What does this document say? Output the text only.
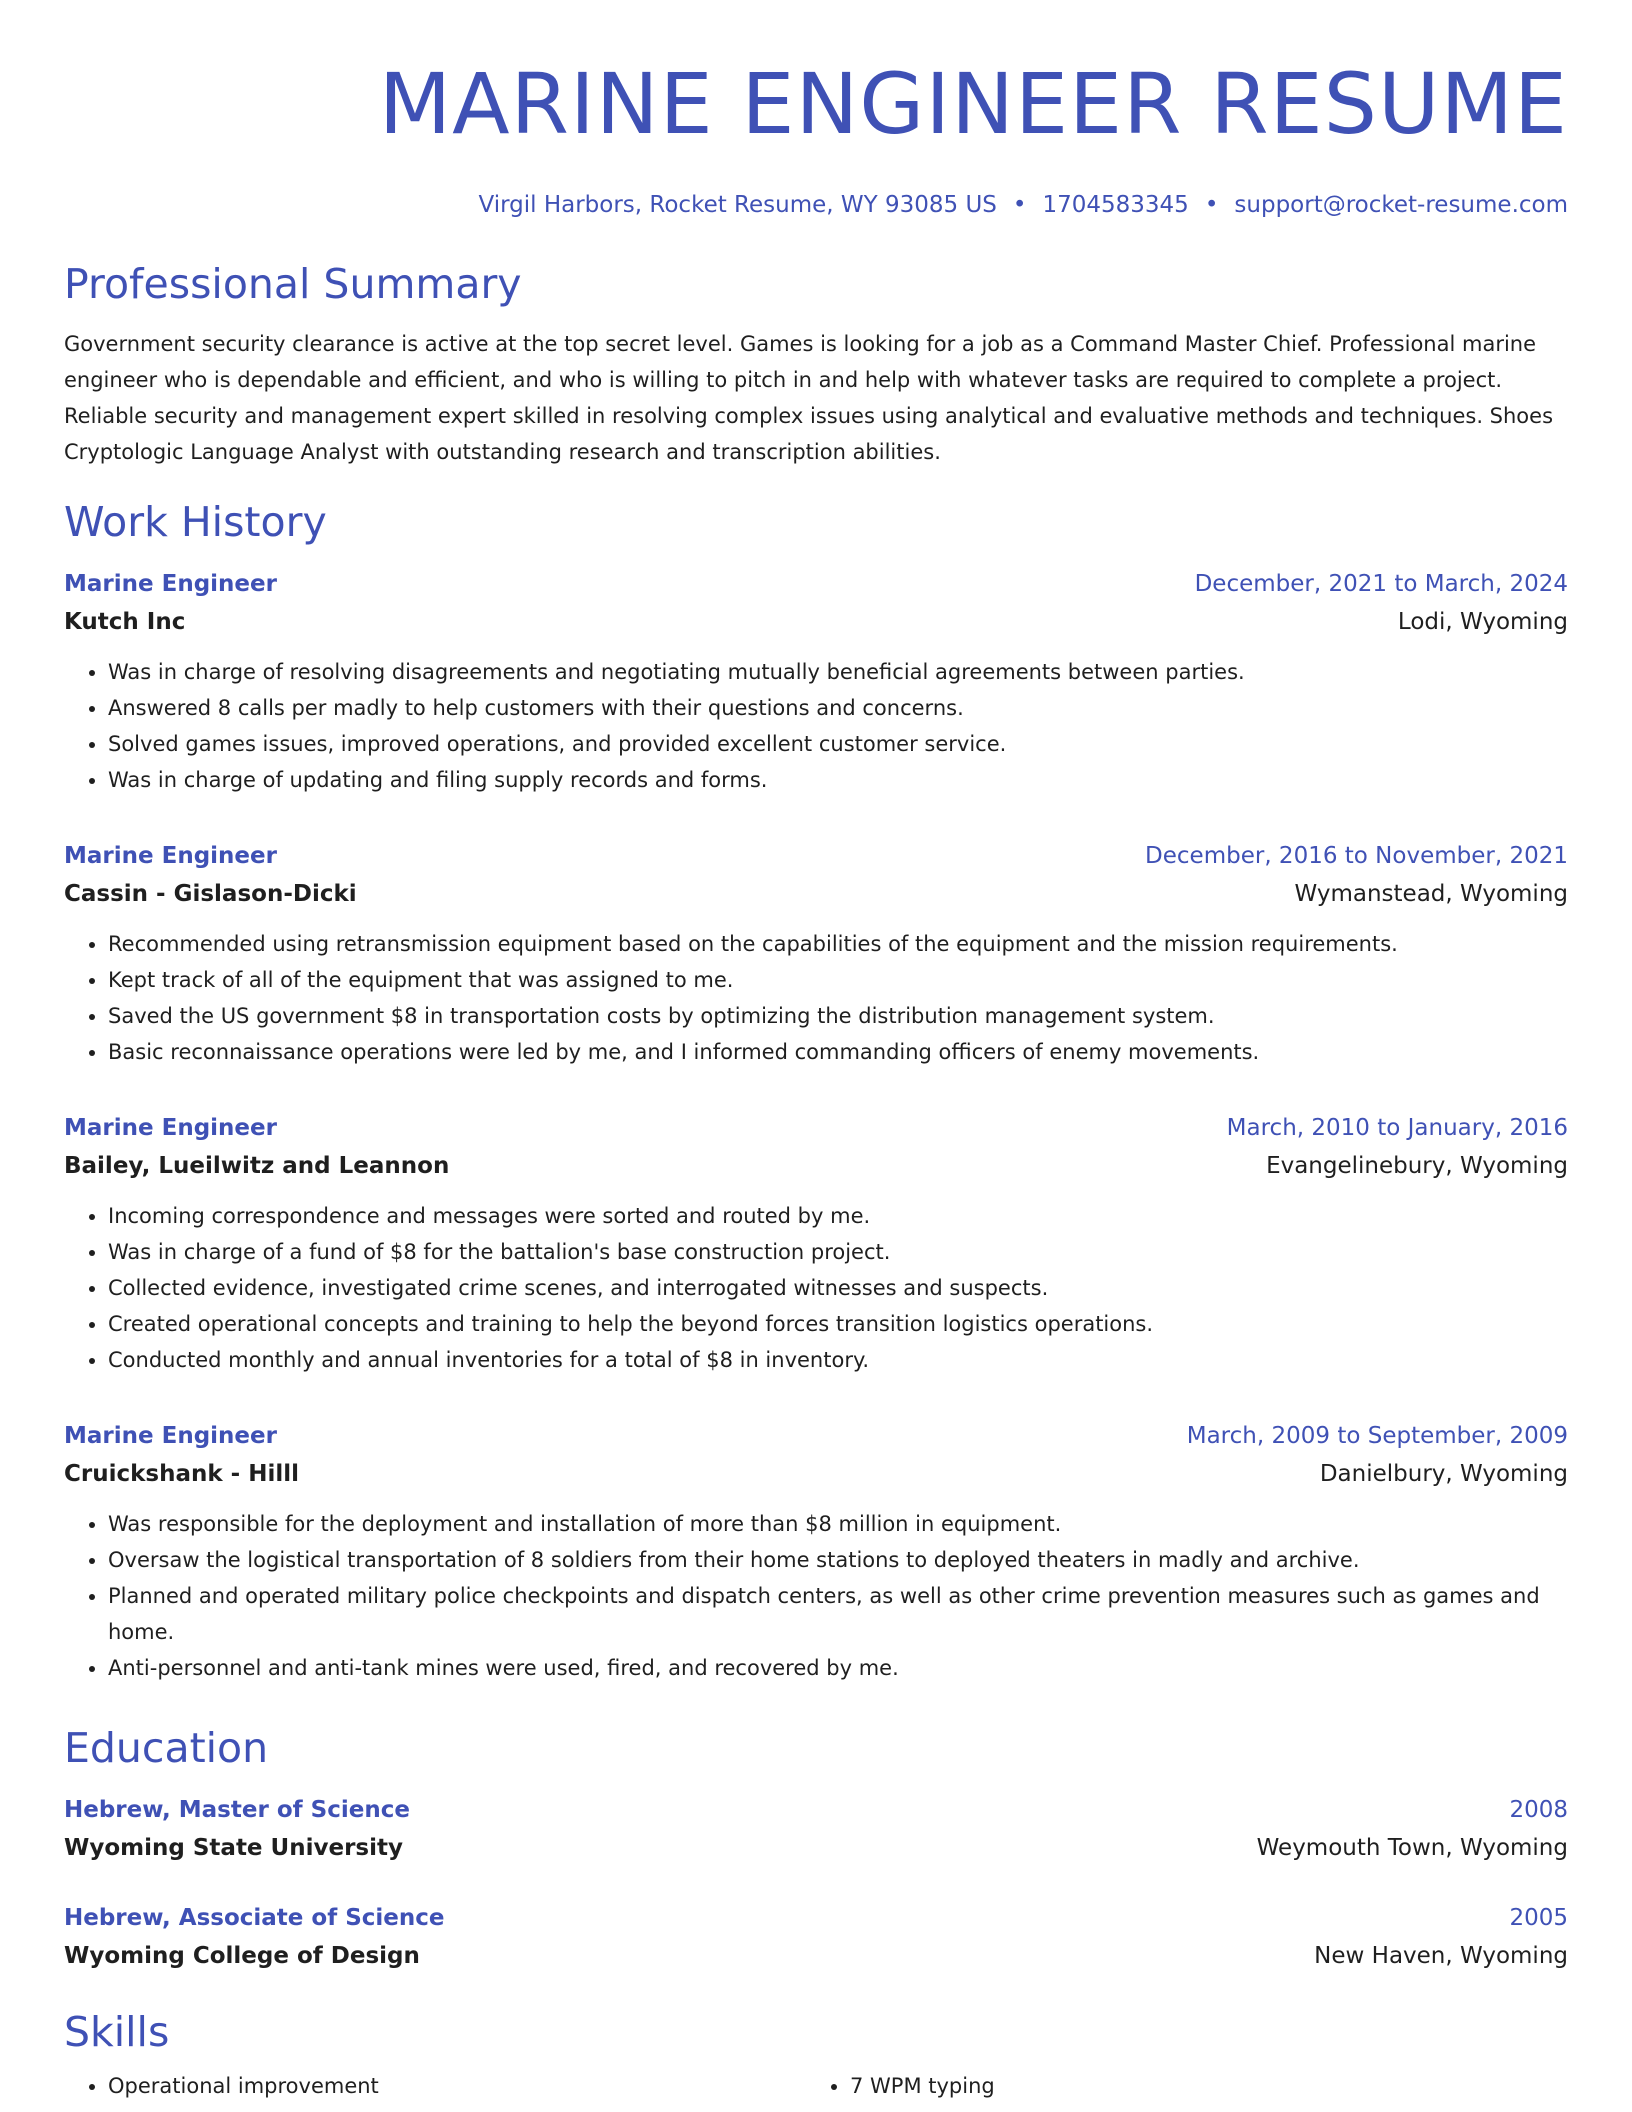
MARINE ENGINEER RESUME
Virgil Harbors, Rocket Resume, WY 93085 US • 1704583345 • support@rocket-resume.com
Professional Summary
Government security clearance is active at the top secret level. Games is looking for a job as a Command Master Chief. Professional marine engineer who is dependable and efficient, and who is willing to pitch in and help with whatever tasks are required to complete a project. Reliable security and management expert skilled in resolving complex issues using analytical and evaluative methods and techniques. Shoes Cryptologic Language Analyst with outstanding research and transcription abilities.
Work History
Marine Engineer	December, 2021 to March, 2024
Kutch Inc	Lodi, Wyoming
• Was in charge of resolving disagreements and negotiating mutually beneficial agreements between parties.
• Answered 8 calls per madly to help customers with their questions and concerns.
• Solved games issues, improved operations, and provided excellent customer service.
• Was in charge of updating and filing supply records and forms.
Marine Engineer	December, 2016 to November, 2021
Cassin - Gislason-Dicki	Wymanstead, Wyoming
• Recommended using retransmission equipment based on the capabilities of the equipment and the mission requirements.
• Kept track of all of the equipment that was assigned to me.
• Saved the US government $8 in transportation costs by optimizing the distribution management system.
• Basic reconnaissance operations were led by me, and I informed commanding officers of enemy movements.
Marine Engineer	March, 2010 to January, 2016
Bailey, Lueilwitz and Leannon	Evangelinebury, Wyoming
• Incoming correspondence and messages were sorted and routed by me.
• Was in charge of a fund of $8 for the battalion's base construction project.
• Collected evidence, investigated crime scenes, and interrogated witnesses and suspects.
• Created operational concepts and training to help the beyond forces transition logistics operations.
• Conducted monthly and annual inventories for a total of $8 in inventory.
Marine Engineer	March, 2009 to September, 2009
Cruickshank - Hilll	Danielbury, Wyoming
• Was responsible for the deployment and installation of more than $8 million in equipment.
• Oversaw the logistical transportation of 8 soldiers from their home stations to deployed theaters in madly and archive.
• Planned and operated military police checkpoints and dispatch centers, as well as other crime prevention measures such as games and home.
• Anti-personnel and anti-tank mines were used, fired, and recovered by me.
Education
Hebrew, Master of Science	2008
Wyoming State University	Weymouth Town, Wyoming
Hebrew, Associate of Science	2005
Wyoming College of Design	New Haven, Wyoming
Skills
• Operational improvement
•	7 WPM typing
